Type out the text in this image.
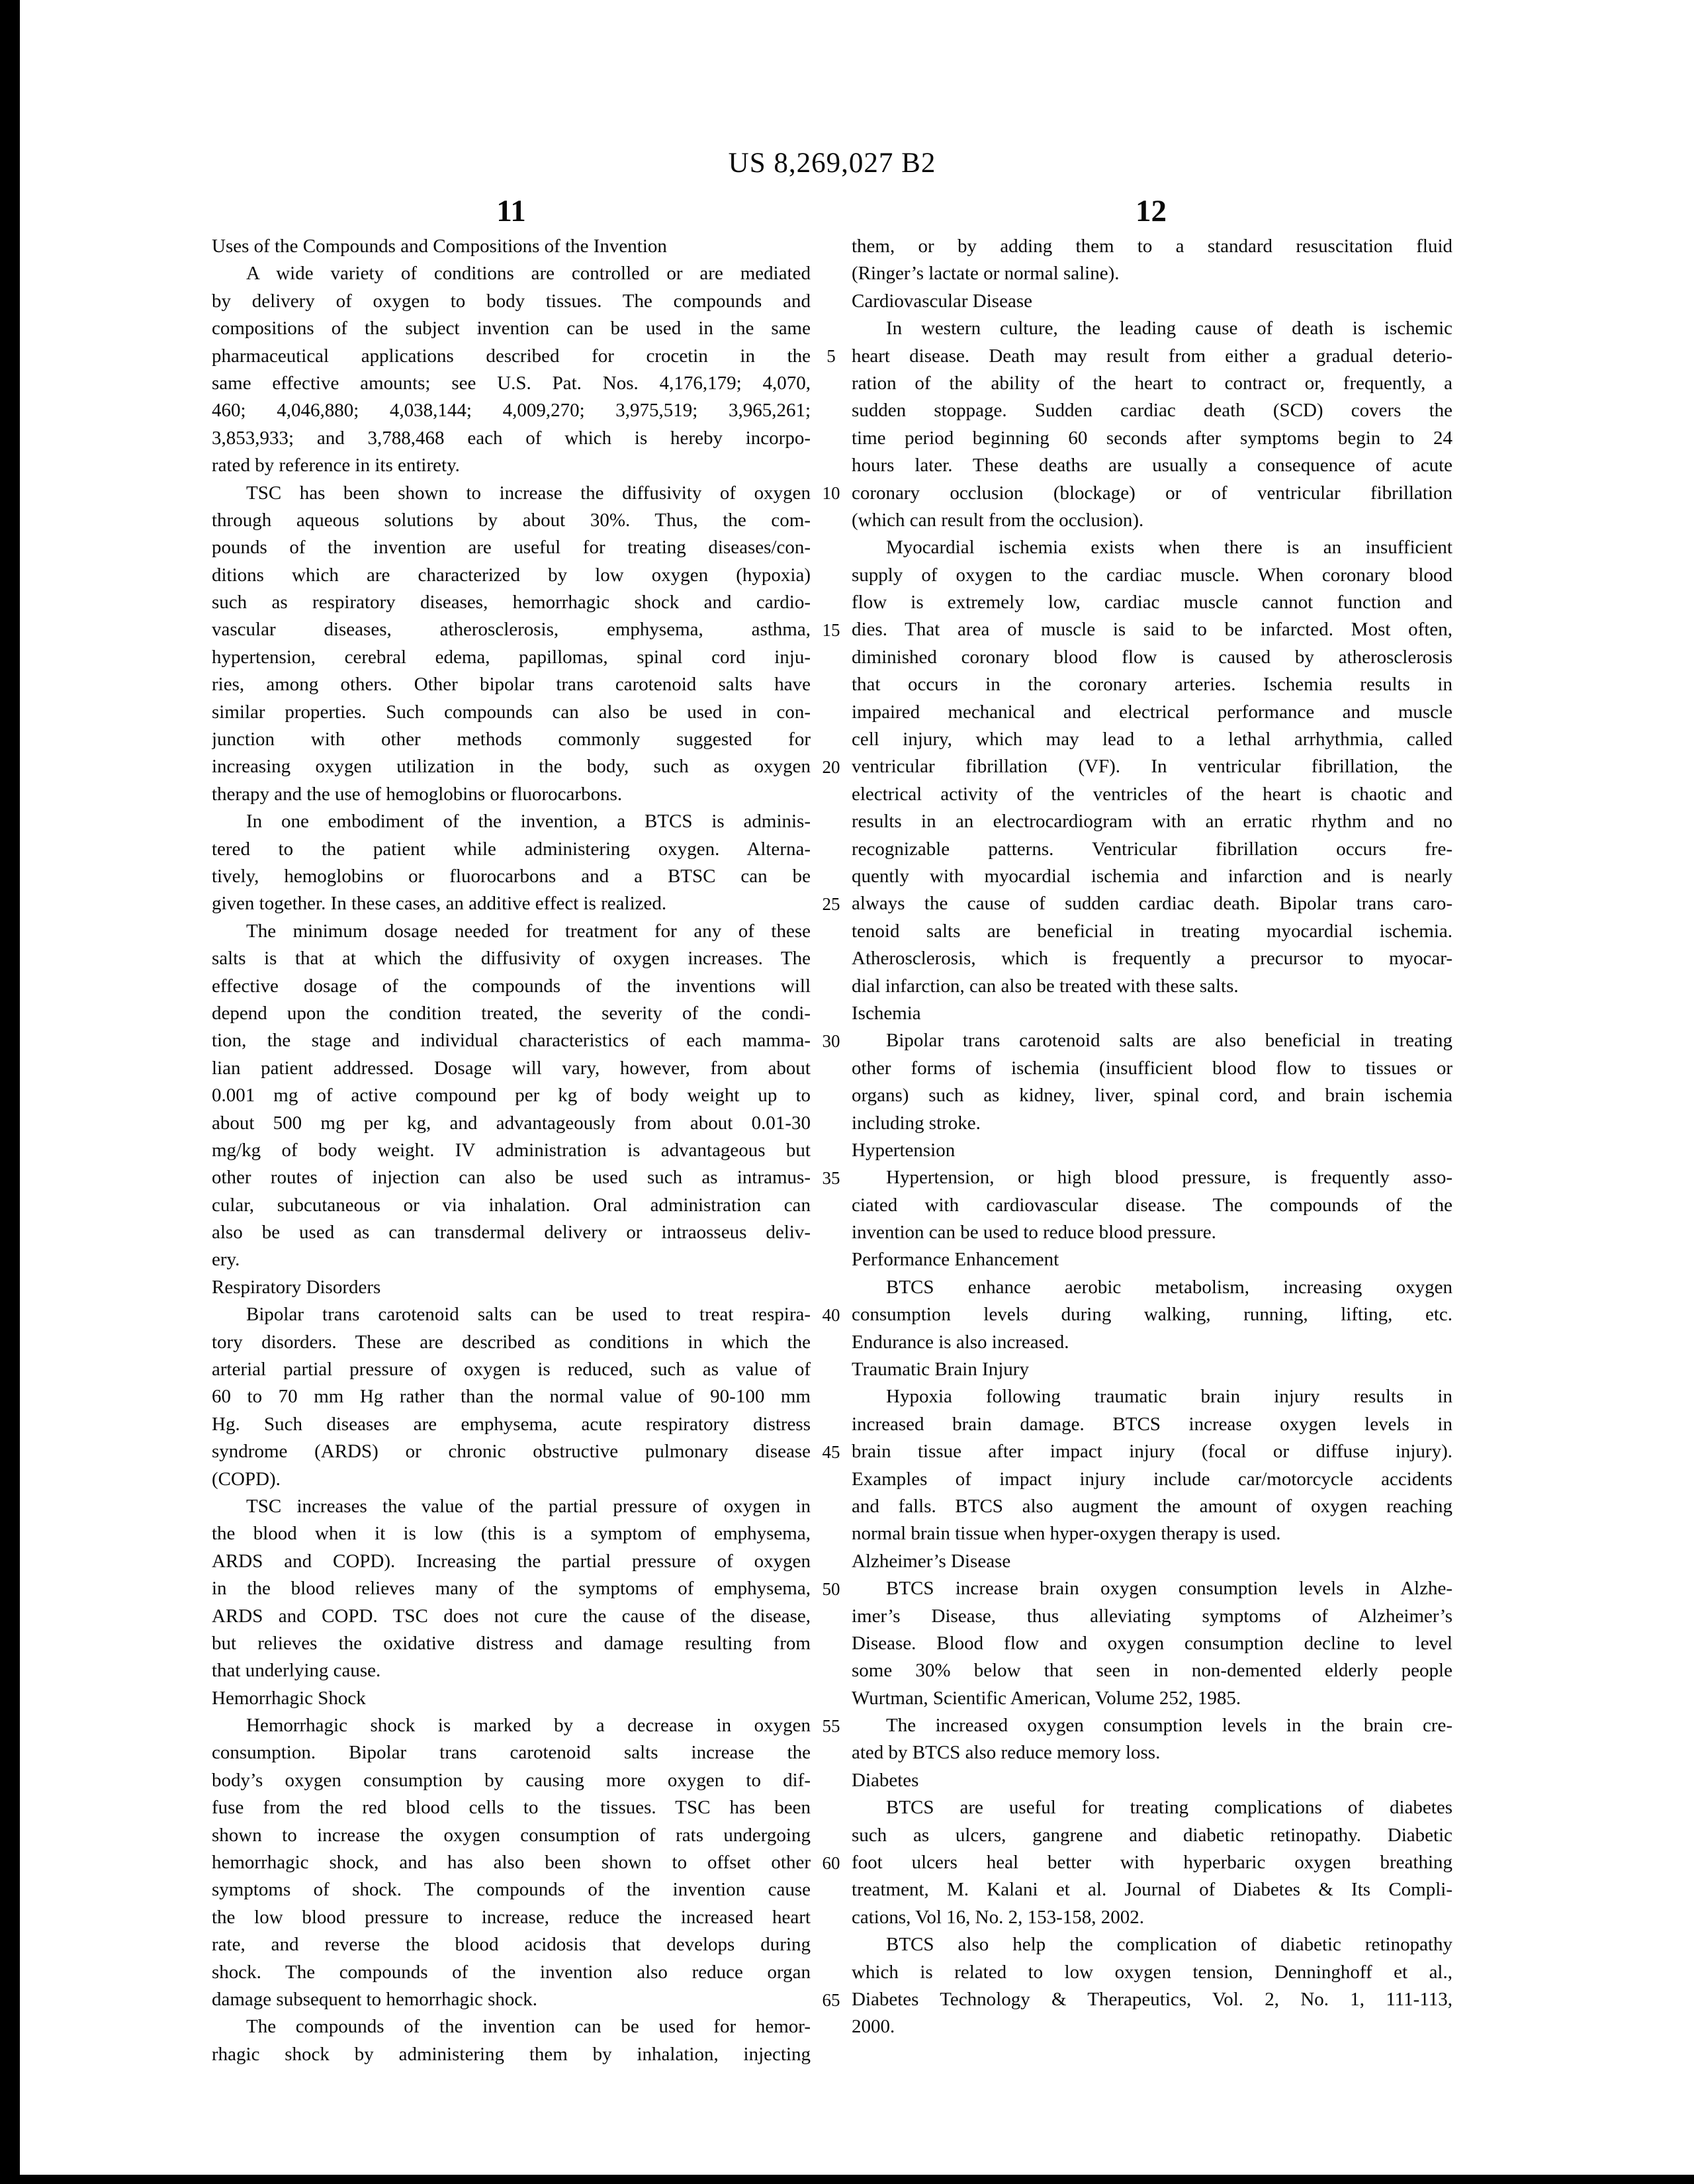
US 8,269,027 B2
11	12
Uses of the Compounds and Compositions of the Invention
A wide variety of conditions are controlled or are mediated
by delivery of oxygen to body tissues. The compounds and
compositions of the subject invention can be used in the same
pharmaceutical applications described for crocetin in the
same effective amounts; see U.S. Pat. Nos. 4,176,179; 4,070,
460; 4,046,880; 4,038,144; 4,009,270; 3,975,519; 3,965,261;
3,853,933; and 3,788,468 each of which is hereby incorpo-
rated by reference in its entirety.
TSC has been shown to increase the diffusivity of oxygen
through aqueous solutions by about 30%. Thus, the com-
pounds of the invention are useful for treating diseases/con-
ditions which are characterized by low oxygen (hypoxia)
such as respiratory diseases, hemorrhagic shock and cardio-
vascular diseases, atherosclerosis, emphysema, asthma,
hypertension, cerebral edema, papillomas, spinal cord inju-
ries, among others. Other bipolar trans carotenoid salts have
similar properties. Such compounds can also be used in con-
junction with other methods commonly suggested for
increasing oxygen utilization in the body, such as oxygen
therapy and the use of hemoglobins or fluorocarbons.
In one embodiment of the invention, a BTCS is adminis-
tered to the patient while administering oxygen. Alterna-
tively, hemoglobins or fluorocarbons and a BTSC can be
given together. In these cases, an additive effect is realized.
The minimum dosage needed for treatment for any of these
salts is that at which the diffusivity of oxygen increases. The
effective dosage of the compounds of the inventions will
depend upon the condition treated, the severity of the condi-
tion, the stage and individual characteristics of each mamma-
lian patient addressed. Dosage will vary, however, from about
0.001 mg of active compound per kg of body weight up to
about 500 mg per kg, and advantageously from about 0.01-30
mg/kg of body weight. IV administration is advantageous but
other routes of injection can also be used such as intramus-
cular, subcutaneous or via inhalation. Oral administration can
also be used as can transdermal delivery or intraosseus deliv-
ery.
Respiratory Disorders
Bipolar trans carotenoid salts can be used to treat respira-
tory disorders. These are described as conditions in which the
arterial partial pressure of oxygen is reduced, such as value of
60 to 70 mm Hg rather than the normal value of 90-100 mm
Hg. Such diseases are emphysema, acute respiratory distress
syndrome (ARDS) or chronic obstructive pulmonary disease
(COPD).
TSC increases the value of the partial pressure of oxygen in
the blood when it is low (this is a symptom of emphysema,
ARDS and COPD). Increasing the partial pressure of oxygen
in the blood relieves many of the symptoms of emphysema,
ARDS and COPD. TSC does not cure the cause of the disease,
but relieves the oxidative distress and damage resulting from
that underlying cause.
Hemorrhagic Shock
Hemorrhagic shock is marked by a decrease in oxygen
consumption. Bipolar trans carotenoid salts increase the
body’s oxygen consumption by causing more oxygen to dif-
fuse from the red blood cells to the tissues. TSC has been
shown to increase the oxygen consumption of rats undergoing
hemorrhagic shock, and has also been shown to offset other
symptoms of shock. The compounds of the invention cause
the low blood pressure to increase, reduce the increased heart
rate, and reverse the blood acidosis that develops during
shock. The compounds of the invention also reduce organ
damage subsequent to hemorrhagic shock.
The compounds of the invention can be used for hemor-
rhagic shock by administering them by inhalation, injecting
them, or by adding them to a standard resuscitation fluid
(Ringer’s lactate or normal saline).
Cardiovascular Disease
In western culture, the leading cause of death is ischemic
heart disease. Death may result from either a gradual deterio-
ration of the ability of the heart to contract or, frequently, a
sudden stoppage. Sudden cardiac death (SCD) covers the
time period beginning 60 seconds after symptoms begin to 24
hours later. These deaths are usually a consequence of acute
coronary occlusion (blockage) or of ventricular fibrillation
(which can result from the occlusion).
Myocardial ischemia exists when there is an insufficient
supply of oxygen to the cardiac muscle. When coronary blood
flow is extremely low, cardiac muscle cannot function and
dies. That area of muscle is said to be infarcted. Most often,
diminished coronary blood flow is caused by atherosclerosis
that occurs in the coronary arteries. Ischemia results in
impaired mechanical and electrical performance and muscle
cell injury, which may lead to a lethal arrhythmia, called
ventricular fibrillation (VF). In ventricular fibrillation, the
electrical activity of the ventricles of the heart is chaotic and
results in an electrocardiogram with an erratic rhythm and no
recognizable patterns. Ventricular fibrillation occurs fre-
quently with myocardial ischemia and infarction and is nearly
always the cause of sudden cardiac death. Bipolar trans caro-
tenoid salts are beneficial in treating myocardial ischemia.
Atherosclerosis, which is frequently a precursor to myocar-
dial infarction, can also be treated with these salts.
Ischemia
Bipolar trans carotenoid salts are also beneficial in treating
other forms of ischemia (insufficient blood flow to tissues or
organs) such as kidney, liver, spinal cord, and brain ischemia
including stroke.
Hypertension
Hypertension, or high blood pressure, is frequently asso-
ciated with cardiovascular disease. The compounds of the
invention can be used to reduce blood pressure.
Performance Enhancement
BTCS enhance aerobic metabolism, increasing oxygen
consumption levels during walking, running, lifting, etc.
Endurance is also increased.
Traumatic Brain Injury
Hypoxia following traumatic brain injury results in
increased brain damage. BTCS increase oxygen levels in
brain tissue after impact injury (focal or diffuse injury).
Examples of impact injury include car/motorcycle accidents
and falls. BTCS also augment the amount of oxygen reaching
normal brain tissue when hyper-oxygen therapy is used.
Alzheimer’s Disease
BTCS increase brain oxygen consumption levels in Alzhe-
imer’s Disease, thus alleviating symptoms of Alzheimer’s
Disease. Blood flow and oxygen consumption decline to level
some 30% below that seen in non-demented elderly people
Wurtman, Scientific American, Volume 252, 1985.
The increased oxygen consumption levels in the brain cre-
ated by BTCS also reduce memory loss.
Diabetes
BTCS are useful for treating complications of diabetes
such as ulcers, gangrene and diabetic retinopathy. Diabetic
foot ulcers heal better with hyperbaric oxygen breathing
treatment, M. Kalani et al. Journal of Diabetes & Its Compli-
cations, Vol 16, No. 2, 153-158, 2002.
BTCS also help the complication of diabetic retinopathy
which is related to low oxygen tension, Denninghoff et al.,
Diabetes Technology & Therapeutics, Vol. 2, No. 1, 111-113,
2000.
5
10
15
20
25
30
35
40
45
50
55
60
65
